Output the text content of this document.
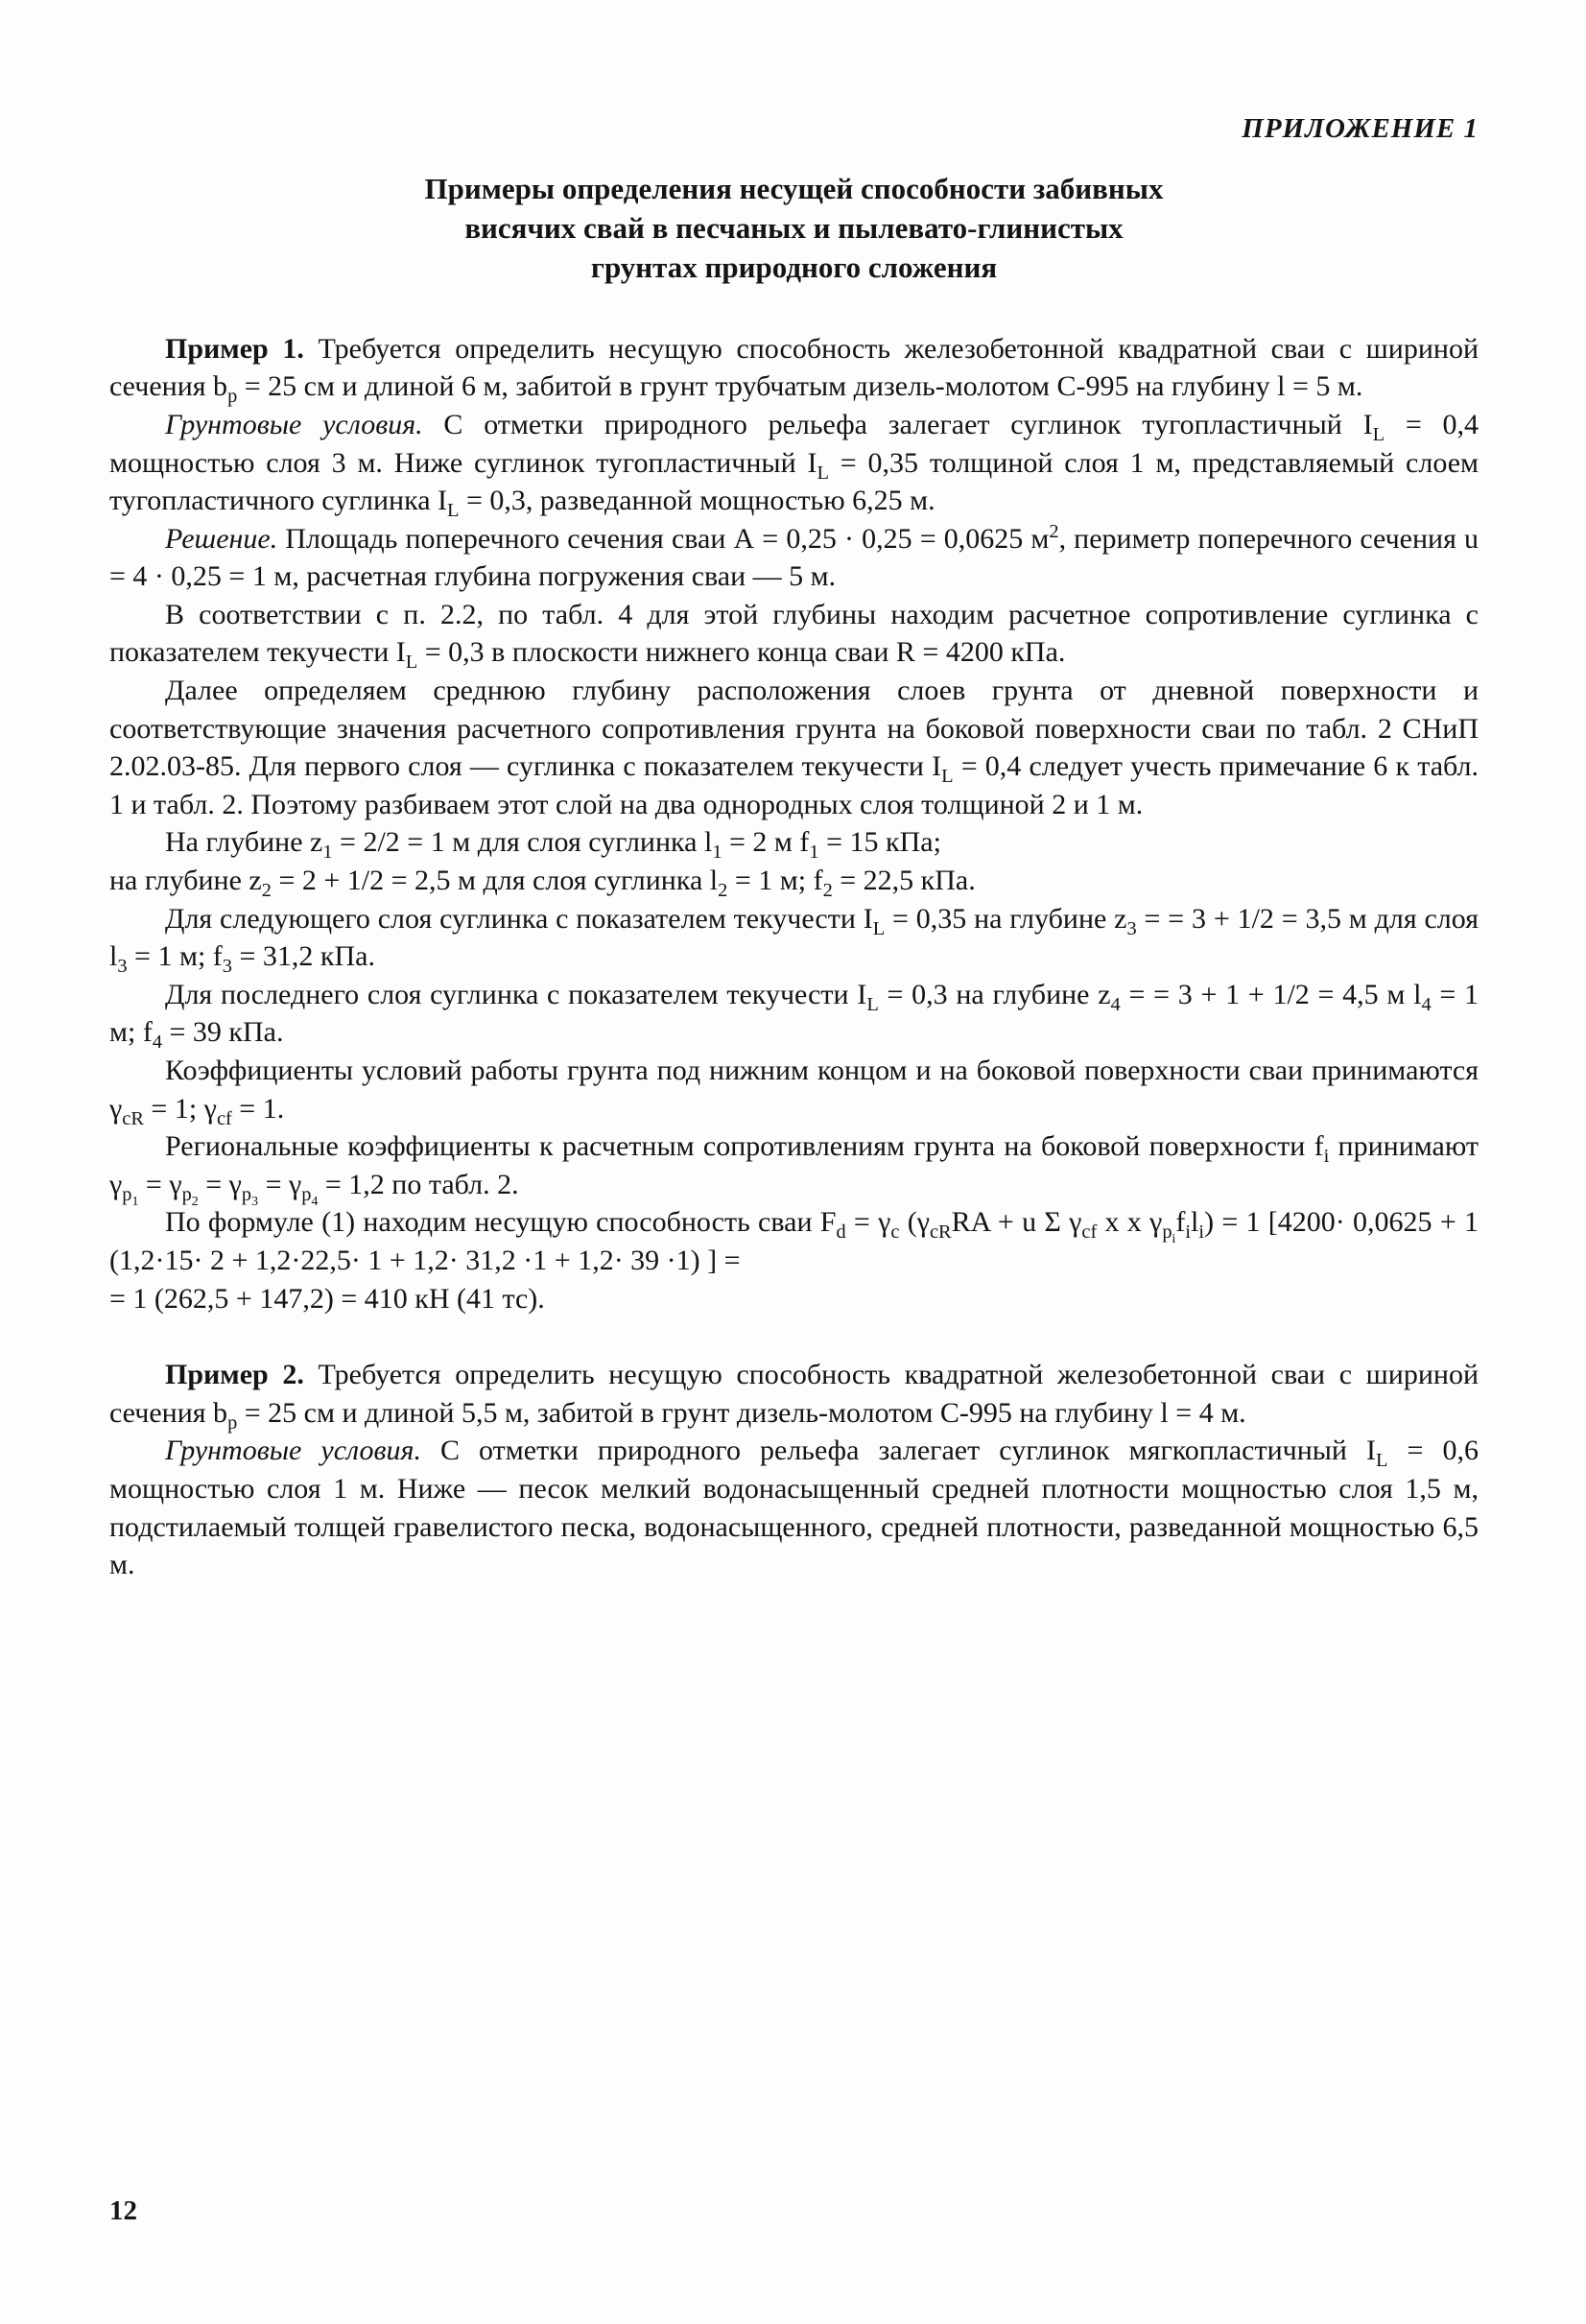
ПРИЛОЖЕНИЕ 1
Примеры определения несущей способности забивных
висячих свай в песчаных и пылевато-глинистых
грунтах природного сложения

Пример 1. Требуется определить несущую способность железобетонной квадратной сваи с шириной сечения $b_p = 25$ см и длиной 6 м, забитой в грунт трубчатым дизель-молотом С-995 на глубину l = 5 м.

Грунтовые условия. С отметки природного рельефа залегает суглинок тугопластичный $I_L = 0,4$ мощностью слоя 3 м. Ниже суглинок тугопластичный $I_L = 0,35$ толщиной слоя 1 м, представляемый слоем тугопластичного суглинка $I_L = 0,3$, разведанной мощностью 6,25 м.

Решение. Площадь поперечного сечения сваи А = 0,25 · 0,25 = 0,0625 $м^2$, периметр поперечного сечения u = 4 · 0,25 = 1 м, расчетная глубина погружения сваи — 5 м.

В соответствии с п. 2.2, по табл. 4 для этой глубины находим расчетное сопротивление суглинка с показателем текучести $I_L = 0,3$ в плоскости нижнего конца сваи R = 4200 кПа.

Далее определяем среднюю глубину расположения слоев грунта от дневной поверхности и соответствующие значения расчетного сопротивления грунта на боковой поверхности сваи по табл. 2 СНиП 2.02.03-85. Для первого слоя — суглинка с показателем текучести $I_L = 0,4$ следует учесть примечание 6 к табл. 1 и табл. 2. Поэтому разбиваем этот слой на два однородных слоя толщиной 2 и 1 м.

На глубине $z_1 = 2/2 = 1$ м для слоя суглинка $l_1 = 2$ м $f_1 = 15$ кПа;

на глубине $z_2 = 2 + 1/2 = 2,5$ м для слоя суглинка $l_2 = 1$ м; $f_2 = 22,5$ кПа.

Для следующего слоя суглинка с показателем текучести $I_L = 0,35$ на глубине $z_3$ = = 3 + 1/2 = 3,5 м для слоя $l_3 = 1$ м; $f_3 = 31,2$ кПа.

Для последнего слоя суглинка с показателем текучести $I_L = 0,3$ на глубине $z_4$ = = 3 + 1 + 1/2 = 4,5 м $l_4 = 1$ м; $f_4 = 39$ кПа.

Коэффициенты условий работы грунта под нижним концом и на боковой поверхности сваи принимаются $\gamma_{cR} = 1$; $\gamma_{cf} = 1$.

Региональные коэффициенты к расчетным сопротивлениям грунта на боковой поверхности $f_i$ принимают $\gamma_{p_1} = \gamma_{p_2} = \gamma_{p_3} = \gamma_{p_4} = 1,2$ по табл. 2.

По формуле (1) находим несущую способность сваи $F_d = \gamma_c$ ($\gamma_{cR}RA + u$ Σ $\gamma_{cf}$ х х $\gamma_{p_i}f_il_i) = 1$ [4200· 0,0625 + 1 (1,2·15· 2 + 1,2·22,5· 1 + 1,2· 31,2 ·1 + 1,2· 39 ·1) ] =

= 1 (262,5 + 147,2) = 410 кН (41 тс).

Пример 2. Требуется определить несущую способность квадратной железобетонной сваи с шириной сечения $b_p = 25$ см и длиной 5,5 м, забитой в грунт дизель-молотом С-995 на глубину l = 4 м.

Грунтовые условия. С отметки природного рельефа залегает суглинок мягкопластичный $I_L = 0,6$ мощностью слоя 1 м. Ниже — песок мелкий водонасыщенный средней плотности мощностью слоя 1,5 м, подстилаемый толщей гравелистого песка, водонасыщенного, средней плотности, разведанной мощностью 6,5 м.

12
